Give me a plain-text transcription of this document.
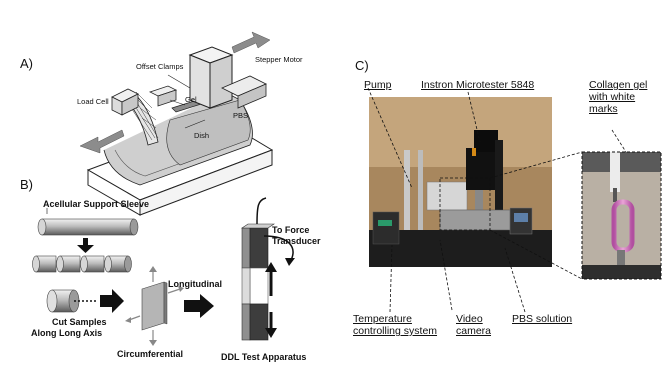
A)	Offset Clamps
Stepper Motor
Load Cell	Gel
PBS
Dish
B)
Acellular Support Sleeve
To Force
Transducer
Longitudinal
Cut Samples
Along Long Axis
Circumferential	DDL Test Apparatus
C)
Pump	Instron Microtester 5848	Collagen gel
with white
marks
Temperature
controlling system
Video
camera
PBS solution
